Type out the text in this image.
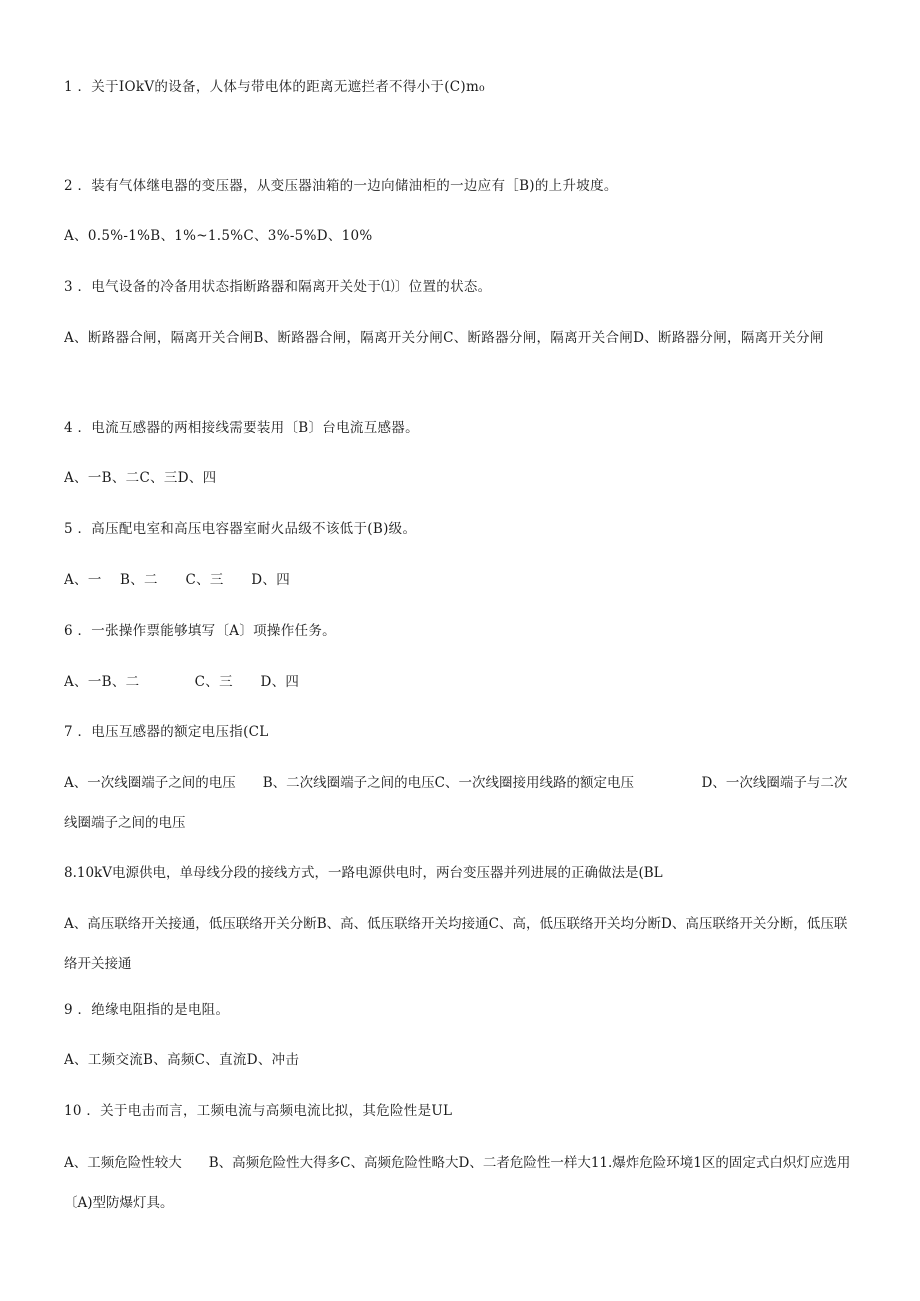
1 ．关于IOkV的设备，人体与带电体的距离无遮拦者不得小于(C)m₀
2 ．装有气体继电器的变压器，从变压器油箱的一边向储油柜的一边应有［B)的上升坡度。
A、0.5%-1%B、1%~1.5%C、3%-5%D、10%
3 ．电气设备的冷备用状态指断路器和隔离开关处于⑴〕位置的状态。
A、断路器合闸，隔离开关合闸B、断路器合闸，隔离开关分闸C、断路器分闸，隔离开关合闸D、断路器分闸，隔离开关分闸
4 ．电流互感器的两相接线需要装用〔B〕台电流互感器。
A、一B、二C、三D、四
5 ．高压配电室和高压电容器室耐火品级不该低于(B)级。
A、一　 B、二　　C、三　　D、四
6 ．一张操作票能够填写〔A〕项操作任务。
A、一B、二　　　　C、三　　D、四
7 ．电压互感器的额定电压指(CL
A、一次线圈端子之间的电压　　B、二次线圈端子之间的电压C、一次线圈接用线路的额定电压　　　　　D、一次线圈端子与二次线圈端子之间的电压
8.10kV电源供电，单母线分段的接线方式，一路电源供电时，两台变压器并列进展的正确做法是(BL
A、高压联络开关接通，低压联络开关分断B、高、低压联络开关均接通C、高，低压联络开关均分断D、高压联络开关分断，低压联络开关接通
9 ．绝缘电阻指的是电阻。
A、工频交流B、高频C、直流D、冲击
10 ．关于电击而言，工频电流与高频电流比拟，其危险性是UL
A、工频危险性较大　　B、高频危险性大得多C、高频危险性略大D、二者危险性一样大11.爆炸危险环境1区的固定式白炽灯应选用〔A)型防爆灯具。
